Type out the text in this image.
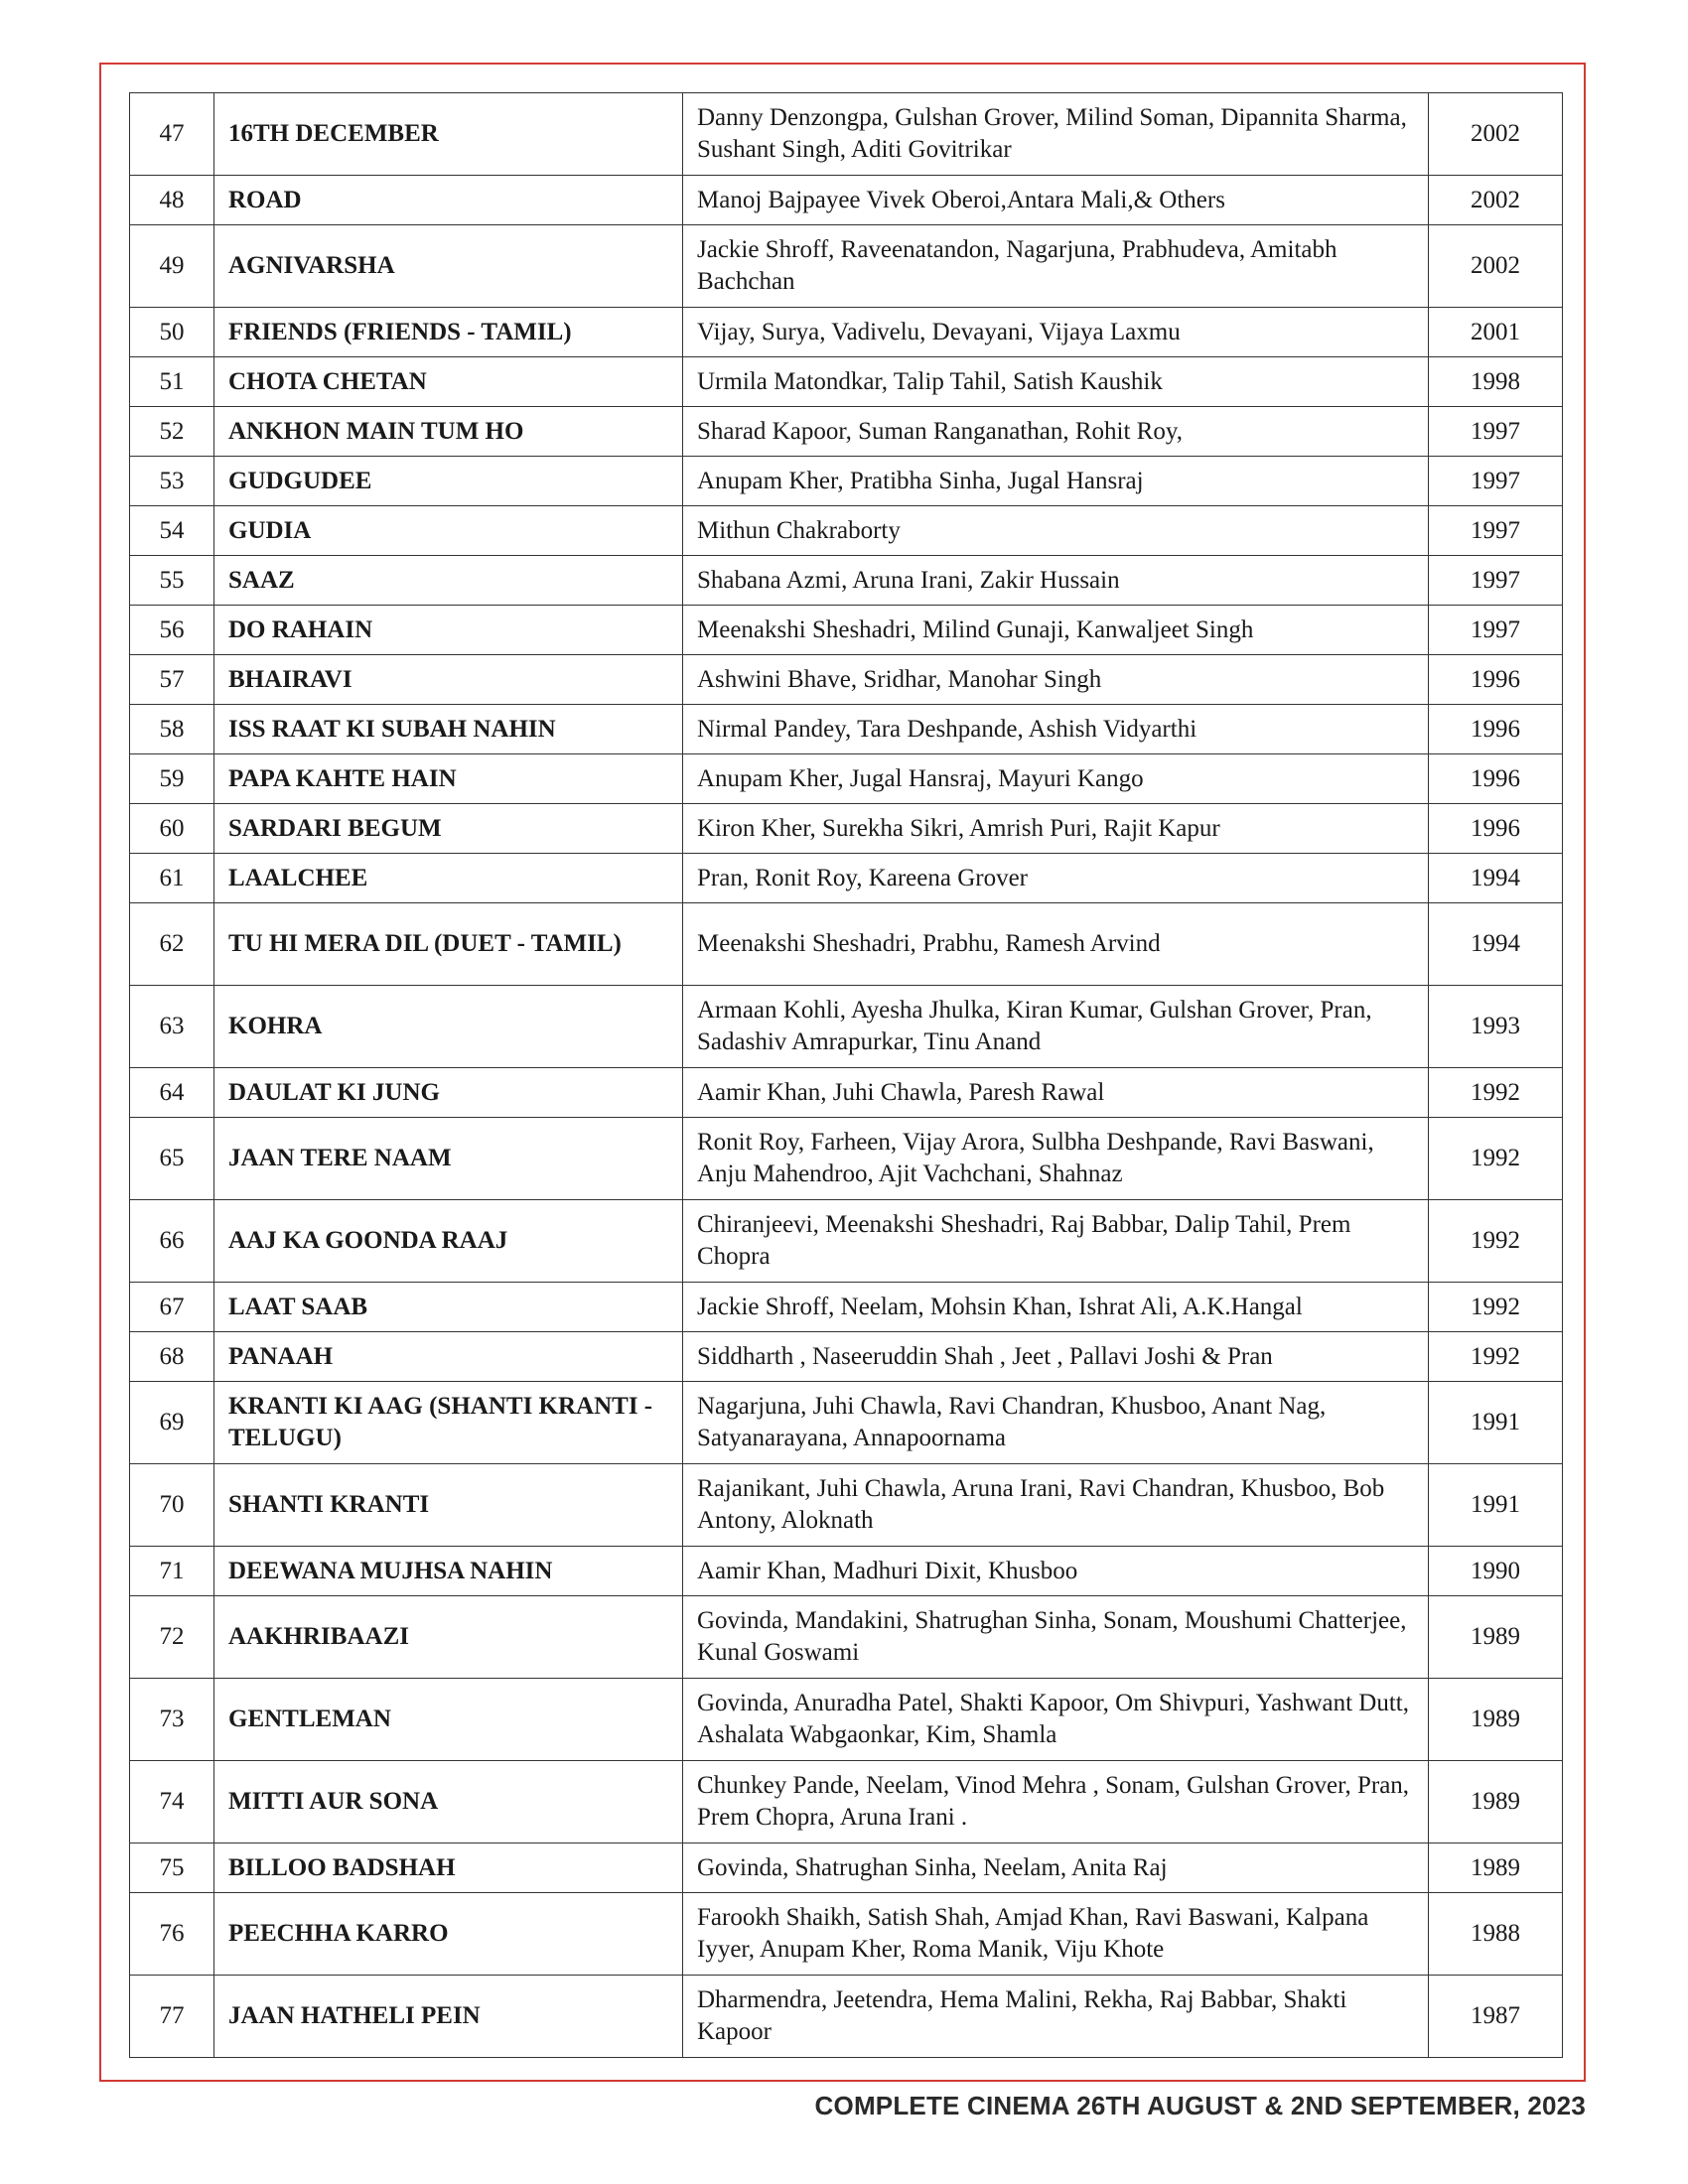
47	16TH DECEMBER	Danny Denzongpa, Gulshan Grover, Milind Soman, Dipannita Sharma, Sushant Singh, Aditi Govitrikar	2002
48	ROAD	Manoj Bajpayee Vivek Oberoi,Antara Mali,& Others	2002
49	AGNIVARSHA	Jackie Shroff, Raveenatandon, Nagarjuna, Prabhudeva, Amitabh Bachchan	2002
50	FRIENDS (FRIENDS - TAMIL)	Vijay, Surya, Vadivelu, Devayani, Vijaya Laxmu	2001
51	CHOTA CHETAN	Urmila Matondkar, Talip Tahil, Satish Kaushik	1998
52	ANKHON MAIN TUM HO	Sharad Kapoor, Suman Ranganathan, Rohit Roy,	1997
53	GUDGUDEE	Anupam Kher, Pratibha Sinha, Jugal Hansraj	1997
54	GUDIA	Mithun Chakraborty	1997
55	SAAZ	Shabana Azmi, Aruna Irani, Zakir Hussain	1997
56	DO RAHAIN	Meenakshi Sheshadri, Milind Gunaji, Kanwaljeet Singh	1997
57	BHAIRAVI	Ashwini Bhave, Sridhar, Manohar Singh	1996
58	ISS RAAT KI SUBAH NAHIN	Nirmal Pandey, Tara Deshpande, Ashish Vidyarthi	1996
59	PAPA KAHTE HAIN	Anupam Kher, Jugal Hansraj, Mayuri Kango	1996
60	SARDARI BEGUM	Kiron Kher, Surekha Sikri, Amrish Puri, Rajit Kapur	1996
61	LAALCHEE	Pran, Ronit Roy, Kareena Grover	1994
62	TU HI MERA DIL (DUET - TAMIL)	Meenakshi Sheshadri, Prabhu, Ramesh Arvind	1994
63	KOHRA	Armaan Kohli, Ayesha Jhulka, Kiran Kumar, Gulshan Grover, Pran, Sadashiv Amrapurkar, Tinu Anand	1993
64	DAULAT KI JUNG	Aamir Khan, Juhi Chawla, Paresh Rawal	1992
65	JAAN TERE NAAM	Ronit Roy, Farheen, Vijay Arora, Sulbha Deshpande, Ravi Baswani, Anju Mahendroo, Ajit Vachchani, Shahnaz	1992
66	AAJ KA GOONDA RAAJ	Chiranjeevi, Meenakshi Sheshadri, Raj Babbar, Dalip Tahil, Prem Chopra	1992
67	LAAT SAAB	Jackie Shroff, Neelam, Mohsin Khan, Ishrat Ali, A.K.Hangal	1992
68	PANAAH	Siddharth , Naseeruddin Shah , Jeet , Pallavi Joshi & Pran	1992
69	KRANTI KI AAG (SHANTI KRANTI - TELUGU)	Nagarjuna, Juhi Chawla, Ravi Chandran, Khusboo, Anant Nag, Satyanarayana, Annapoornama	1991
70	SHANTI KRANTI	Rajanikant, Juhi Chawla, Aruna Irani, Ravi Chandran, Khusboo, Bob Antony, Aloknath	1991
71	DEEWANA MUJHSA NAHIN	Aamir Khan, Madhuri Dixit, Khusboo	1990
72	AAKHRIBAAZI	Govinda, Mandakini, Shatrughan Sinha, Sonam, Moushumi Chatterjee, Kunal Goswami	1989
73	GENTLEMAN	Govinda, Anuradha Patel, Shakti Kapoor, Om Shivpuri, Yashwant Dutt, Ashalata Wabgaonkar, Kim, Shamla	1989
74	MITTI AUR SONA	Chunkey Pande, Neelam, Vinod Mehra , Sonam, Gulshan Grover, Pran, Prem Chopra, Aruna Irani .	1989
75	BILLOO BADSHAH	Govinda, Shatrughan Sinha, Neelam, Anita Raj	1989
76	PEECHHA KARRO	Farookh Shaikh, Satish Shah, Amjad Khan, Ravi Baswani, Kalpana Iyyer, Anupam Kher, Roma Manik, Viju Khote	1988
77	JAAN HATHELI PEIN	Dharmendra, Jeetendra, Hema Malini, Rekha, Raj Babbar, Shakti Kapoor	1987
COMPLETE CINEMA 26TH AUGUST & 2ND SEPTEMBER, 2023
